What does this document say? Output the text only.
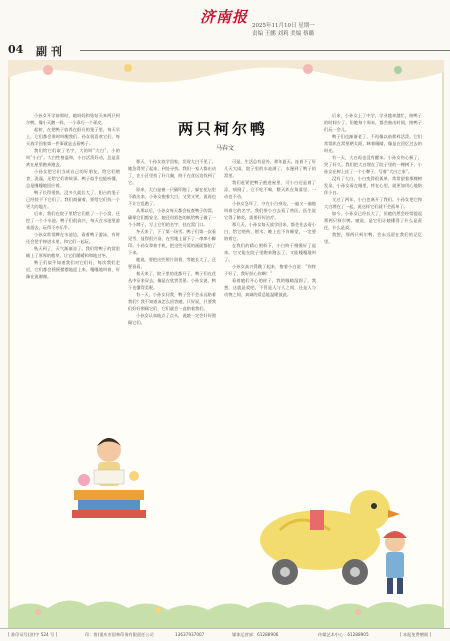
济南报 2025年11月10日 星期一
责编 王鹏 刘莉 美编 蔡璐
04 副 刊
两只柯尔鸭
马春文

小孙女开学前那时，她妈妈和姑姑买来两只柯尔鸭，像小天鹅一样，一个乖巧一个顽皮。

起初，在把鸭子放养在阳台的笼子里，每天早上，它们都会准时叫醒我们。孙女很喜欢它们，每天放学回家第一件事就是去看鸭子。

我们给它们取了名字，大的叫“大白”，小的叫“小白”。大白性格温和，小白活泼好动，总是喜欢在屋里跑来跑去。

小孙女把它们当成自己的好朋友，给它们喂食、洗澡，还给它们讲故事。鸭子似乎也能听懂，总是嘎嘎地回应着。

鸭子长得很快，没多久就长大了，阳台的笼子已经装不下它们了。我们商量着，要给它们找一个更大的地方。

后来，我们在院子里给它们搭了一个小窝，还挖了一个小水池。鸭子们很高兴，每天在水池里游来游去，玩得不亦乐乎。

小孙女常常蹲在水池边，看着鸭子游泳，有时还会把手伸进水里，和它们一起玩。

秋天到了，天气渐渐凉了，我们给鸭子的窝里铺上了厚厚的稻草，让它们暖暖和和地过冬。

鸭子们似乎知道我们对它们好，每次我们走近，它们都会摇摇摆摆地迎上来，嘎嘎地叫着，好像在说谢谢。

那天，小孙女放学回家，发现大白不见了。她急得哭了起来，到处寻找。我们一家人都出动了，在小区里找了好几圈，终于在花坛边找到了它。

原来，大白是被一只猫吓跑了，躲在花坛里不敢出来。小孙女抱着大白，又哭又笑，说再也不让它乱跑了。

从那以后，小孙女每天都会检查鸭子的窝，确保它们都安全。她还用彩色的纸给鸭子做了一个小牌子，写上它们的名字，挂在窝门口。

冬天来了，下了第一场雪。鸭子们第一次看见雪，显得很兴奋，在雪地上留下了一串串小脚印。小孙女拿着手机，把这些可爱的画面都拍了下来。

她说，要把这些照片留着，等她长大了，还要看看。

春天来了，院子里的花都开了，鸭子们在花丛中穿来穿去，像是在欣赏美景。小孙女说，鸭子也懂得美呢。

有一天，小孙女问我，鸭子会不会永远陪着我们？我不知道该怎么回答她，只好说，只要我们好好照顾它们，它们就会一直陪着我们。

小孙女认真地点了点头，说她一定会好好照顾它们。

可是，生活总有意外。那年夏天，连着下了好几天大雨，院子里的水池满了，水漫到了鸭子的窝里。

我们赶紧把鸭子抱进屋里，可小白还是着了凉，病倒了。它不吃不喝，整天趴在角落里，一动也不动。

小孙女急坏了，守在小白身边，一遍又一遍地叫着它的名字。我们带小白去看了兽医，医生说它得了肺炎，需要好好治疗。

那几天，小孙女每天放学回来，都会先去看小白，给它喂药、喂水，晚上也不肯睡觉，一定要陪着它。

在我们的精心照料下，小白终于慢慢好了起来。它又能在院子里跑来跑去了，又能嘎嘎地叫了。

小孙女高兴得跳了起来，抱着小白说：“你终于好了，我好担心你啊！”

看着她们开心的样子，我的眼睛湿润了。我想，这就是爱吧，不管是人与人之间，还是人与动物之间，真诚的爱总能温暖彼此。

后来，小孙女上了中学，学业越来越忙，陪鸭子的时间少了。但她每个周末，都会抽出时间，陪鸭子们玩一会儿。

鸭子们也渐渐老了，不再像以前那样活泼。它们常常趴在窝里晒太阳，眯着眼睛，像是在回忆过去的时光。

有一天，大白再也没有醒来。小孙女伤心极了，哭了好久。我们把大白埋在了院子里的一棵树下，小孙女在树上挂了一个小牌子，写着“大白之家”。

没有了大白，小白变得很孤单，常常望着那棵树发呆。小孙女看在眼里，疼在心里，就更加用心地陪伴小白。

又过了两年，小白也离开了我们。小孙女把它和大白埋在了一起，说这样它们就不会孤单了。

如今，小孙女已经长大了，但她仍然会经常提起那两只柯尔鸭。她说，是它们让她懂得了什么是责任，什么是爱。

我想，那两只柯尔鸭，会永远留在我们的记忆里。

[ 准印证号(济)字 524 号 ]	印：鲁)重庆市国林印务有限责任公司	13637937007	媒体运营部：61288906	传媒艺术中心：61288905	[ 本报免费赠阅 ]
